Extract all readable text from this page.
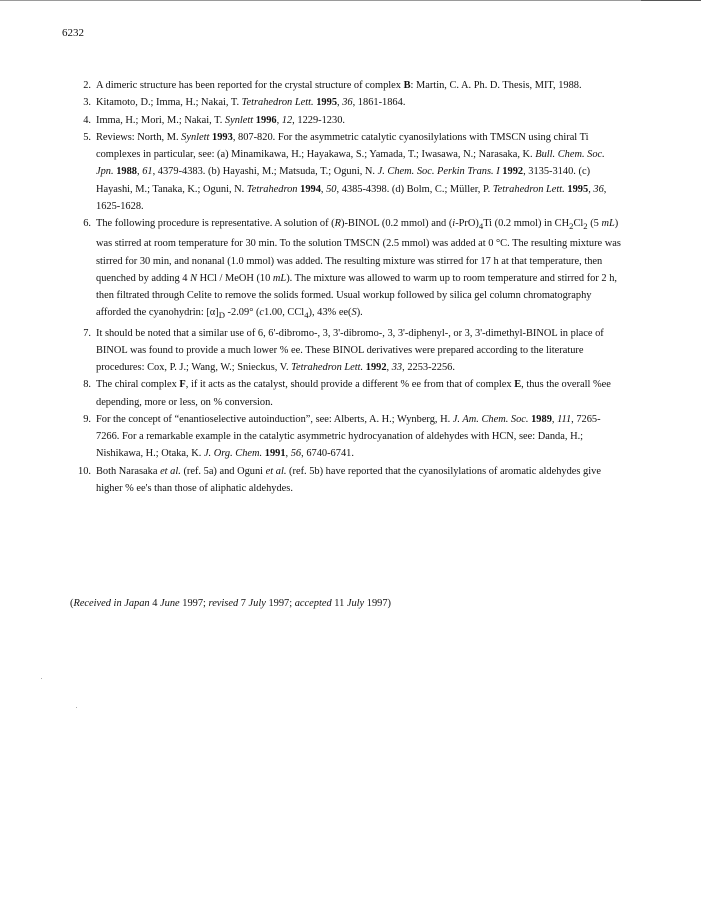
6232
2. A dimeric structure has been reported for the crystal structure of complex B: Martin, C. A. Ph. D. Thesis, MIT, 1988.
3. Kitamoto, D.; Imma, H.; Nakai, T. Tetrahedron Lett. 1995, 36, 1861-1864.
4. Imma, H.; Mori, M.; Nakai, T. Synlett 1996, 12, 1229-1230.
5. Reviews: North, M. Synlett 1993, 807-820. For the asymmetric catalytic cyanosilylations with TMSCN using chiral Ti complexes in particular, see: (a) Minamikawa, H.; Hayakawa, S.; Yamada, T.; Iwasawa, N.; Narasaka, K. Bull. Chem. Soc. Jpn. 1988, 61, 4379-4383. (b) Hayashi, M.; Matsuda, T.; Oguni, N. J. Chem. Soc. Perkin Trans. I 1992, 3135-3140. (c) Hayashi, M.; Tanaka, K.; Oguni, N. Tetrahedron 1994, 50, 4385-4398. (d) Bolm, C.; Müller, P. Tetrahedron Lett. 1995, 36, 1625-1628.
6. The following procedure is representative. A solution of (R)-BINOL (0.2 mmol) and $(i-PrO)_4Ti$ (0.2 mmol) in $CH_2Cl_2$ (5 mL) was stirred at room temperature for 30 min. To the solution TMSCN (2.5 mmol) was added at 0 °C. The resulting mixture was stirred for 30 min, and nonanal (1.0 mmol) was added. The resulting mixture was stirred for 17 h at that temperature, then quenched by adding 4 N HCl / MeOH (10 mL). The mixture was allowed to warm up to room temperature and stirred for 2 h, then filtrated through Celite to remove the solids formed. Usual workup followed by silica gel column chromatography afforded the cyanohydrin: $[\alpha]_D$ -2.09° (c1.00, CCl$_4$), 43% ee(S).
7. It should be noted that a similar use of 6, 6'-dibromo-, 3, 3'-dibromo-, 3, 3'-diphenyl-, or 3, 3'-dimethyl-BINOL in place of BINOL was found to provide a much lower % ee. These BINOL derivatives were prepared according to the literature procedures: Cox, P. J.; Wang, W.; Snieckus, V. Tetrahedron Lett. 1992, 33, 2253-2256.
8. The chiral complex F, if it acts as the catalyst, should provide a different % ee from that of complex E, thus the overall %ee depending, more or less, on % conversion.
9. For the concept of “enantioselective autoinduction”, see: Alberts, A. H.; Wynberg, H. J. Am. Chem. Soc. 1989, 111, 7265-7266. For a remarkable example in the catalytic asymmetric hydrocyanation of aldehydes with HCN, see: Danda, H.; Nishikawa, H.; Otaka, K. J. Org. Chem. 1991, 56, 6740-6741.
10. Both Narasaka et al. (ref. 5a) and Oguni et al. (ref. 5b) have reported that the cyanosilylations of aromatic aldehydes give higher % ee's than those of aliphatic aldehydes.
(Received in Japan 4 June 1997; revised 7 July 1997; accepted 11 July 1997)
